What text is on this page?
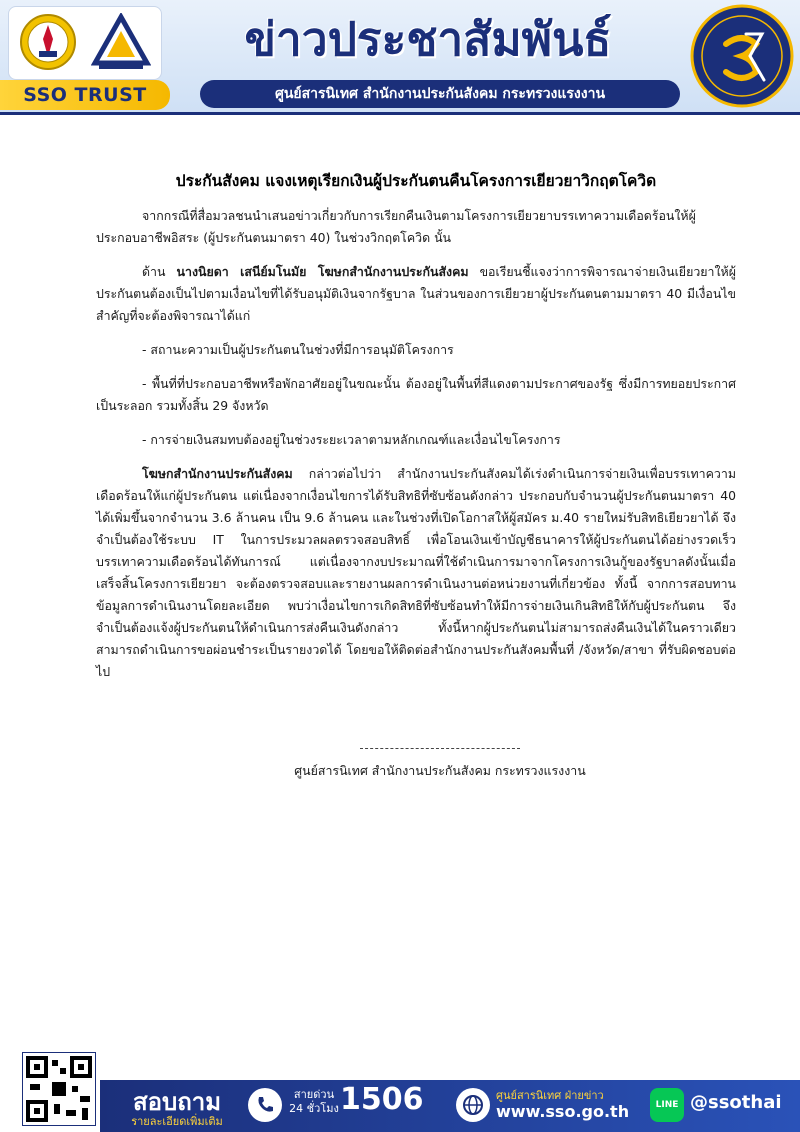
SSO TRUST
ข่าวประชาสัมพันธ์
ศูนย์สารนิเทศ สำนักงานประกันสังคม กระทรวงแรงงาน
ประกันสังคม แจงเหตุเรียกเงินผู้ประกันตนคืนโครงการเยียวยาวิกฤตโควิด

จากกรณีที่สื่อมวลชนนำเสนอข่าวเกี่ยวกับการเรียกคืนเงินตามโครงการเยียวยาบรรเทาความเดือดร้อนให้ผู้ประกอบอาชีพอิสระ (ผู้ประกันตนมาตรา 40) ในช่วงวิกฤตโควิด นั้น

ด้าน นางนิยดา เสนีย์มโนมัย โฆษกสำนักงานประกันสังคม ขอเรียนชี้แจงว่าการพิจารณาจ่ายเงินเยียวยาให้ผู้ประกันตนต้องเป็นไปตามเงื่อนไขที่ได้รับอนุมัติเงินจากรัฐบาล ในส่วนของการเยียวยาผู้ประกันตนตามมาตรา 40 มีเงื่อนไขสำคัญที่จะต้องพิจารณาได้แก่

- สถานะความเป็นผู้ประกันตนในช่วงที่มีการอนุมัติโครงการ

- พื้นที่ที่ประกอบอาชีพหรือพักอาศัยอยู่ในขณะนั้น ต้องอยู่ในพื้นที่สีแดงตามประกาศของรัฐ ซึ่งมีการทยอยประกาศเป็นระลอก รวมทั้งสิ้น 29 จังหวัด

- การจ่ายเงินสมทบต้องอยู่ในช่วงระยะเวลาตามหลักเกณฑ์และเงื่อนไขโครงการ

โฆษกสำนักงานประกันสังคม กล่าวต่อไปว่า สำนักงานประกันสังคมได้เร่งดำเนินการจ่ายเงินเพื่อบรรเทาความเดือดร้อนให้แก่ผู้ประกันตน แต่เนื่องจากเงื่อนไขการได้รับสิทธิที่ซับซ้อนดังกล่าว ประกอบกับจำนวนผู้ประกันตนมาตรา 40 ได้เพิ่มขึ้นจากจำนวน 3.6 ล้านคน เป็น 9.6 ล้านคน และในช่วงที่เปิดโอกาสให้ผู้สมัคร ม.40 รายใหม่รับสิทธิเยียวยาได้ จึงจำเป็นต้องใช้ระบบ IT ในการประมวลผลตรวจสอบสิทธิ์ เพื่อโอนเงินเข้าบัญชีธนาคารให้ผู้ประกันตนได้อย่างรวดเร็วบรรเทาความเดือดร้อนได้ทันการณ์ แต่เนื่องจากงบประมาณที่ใช้ดำเนินการมาจากโครงการเงินกู้ของรัฐบาลดังนั้นเมื่อเสร็จสิ้นโครงการเยียวยา จะต้องตรวจสอบและรายงานผลการดำเนินงานต่อหน่วยงานที่เกี่ยวข้อง ทั้งนี้ จากการสอบทานข้อมูลการดำเนินงานโดยละเอียด พบว่าเงื่อนไขการเกิดสิทธิที่ซับซ้อนทำให้มีการจ่ายเงินเกินสิทธิให้กับผู้ประกันตน จึงจำเป็นต้องแจ้งผู้ประกันตนให้ดำเนินการส่งคืนเงินดังกล่าว ทั้งนี้หากผู้ประกันตนไม่สามารถส่งคืนเงินได้ในคราวเดียวสามารถดำเนินการขอผ่อนชำระเป็นรายงวดได้ โดยขอให้ติดต่อสำนักงานประกันสังคมพื้นที่ /จังหวัด/สาขา ที่รับผิดชอบต่อไป

ศูนย์สารนิเทศ สำนักงานประกันสังคม กระทรวงแรงงาน
สอบถาม
รายละเอียดเพิ่มเติม
สายด่วน
24 ชั่วโมง 1506	ศูนย์สารนิเทศ ฝ่ายข่าว
www.sso.go.th	LINE @ssothai
